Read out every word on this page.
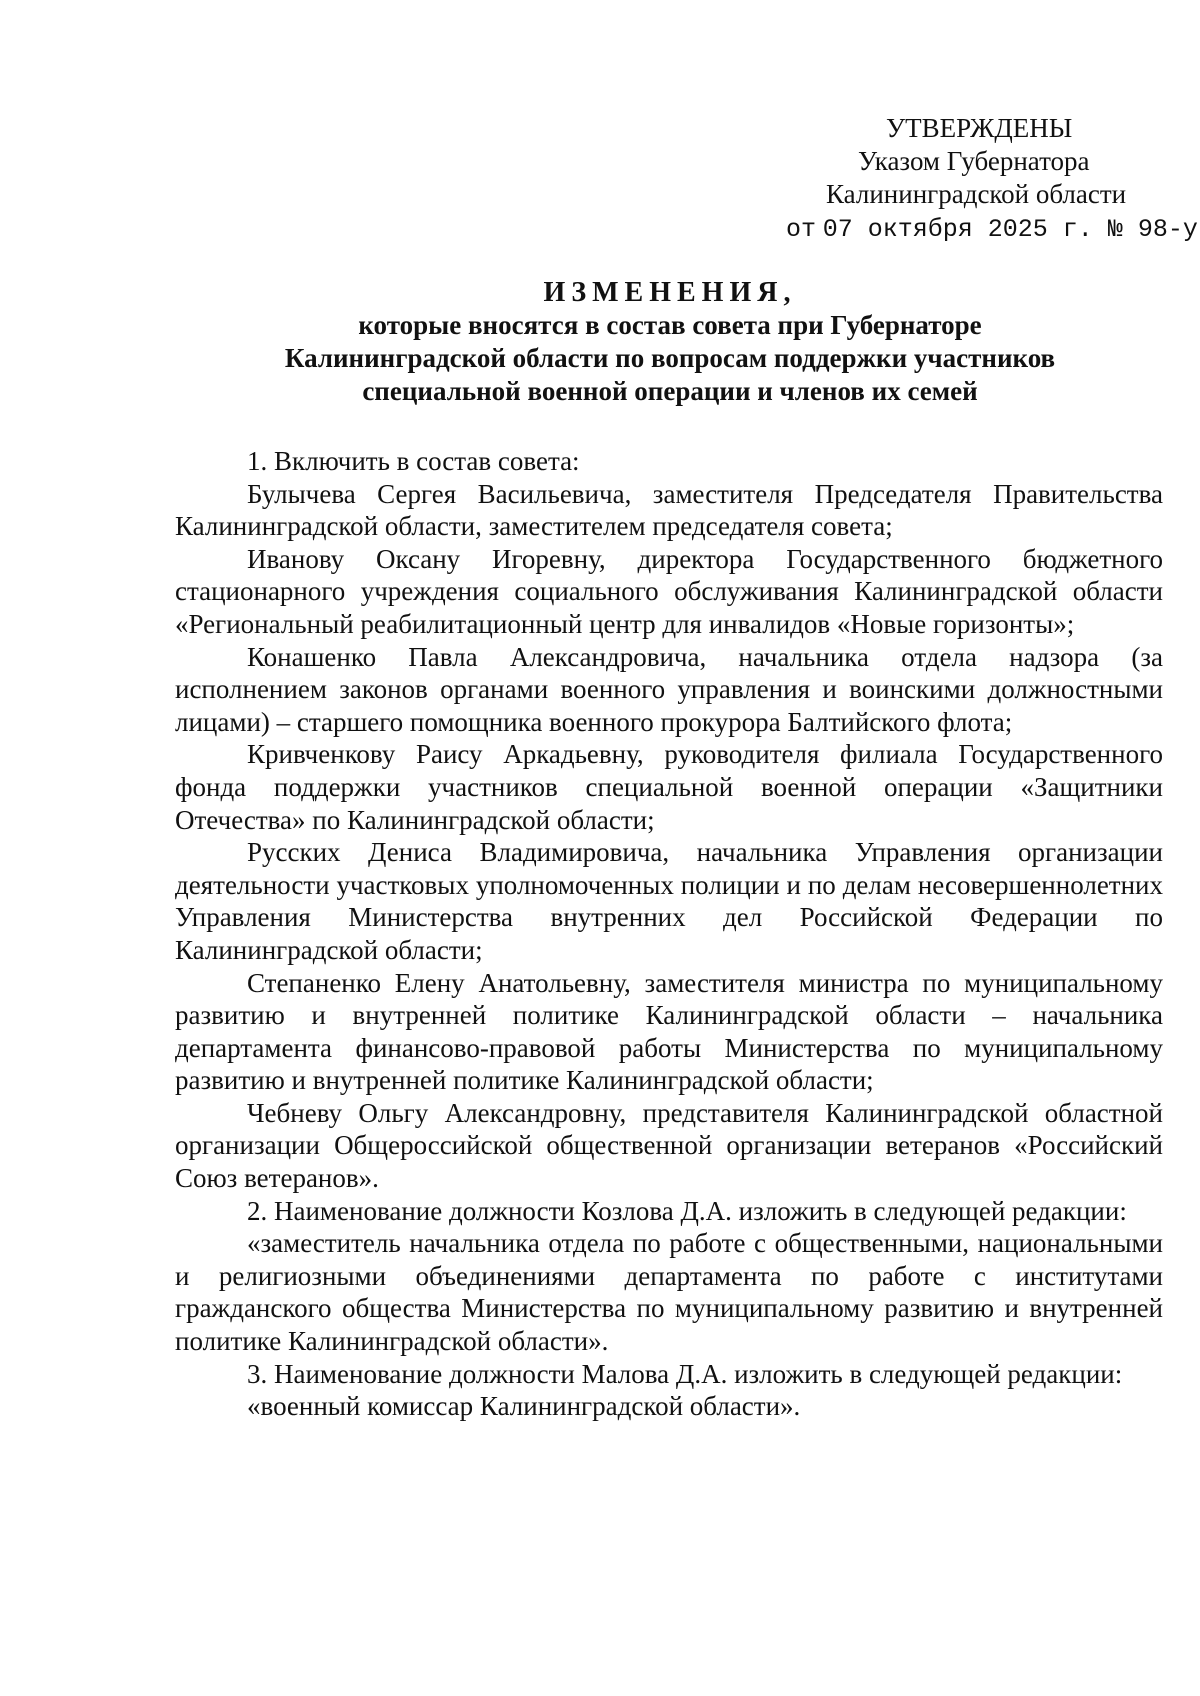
УТВЕРЖДЕНЫ
Указом Губернатора
Калининградской области
от 07 октября 2025 г. № 98-у
ИЗМЕНЕНИЯ,
которые вносятся в состав совета при Губернаторе
Калининградской области по вопросам поддержки участников
специальной военной операции и членов их семей

1. Включить в состав совета:

Булычева Сергея Васильевича, заместителя Председателя Правительства Калининградской области, заместителем председателя совета;

Иванову Оксану Игоревну, директора Государственного бюджетного стационарного учреждения социального обслуживания Калининградской области «Региональный реабилитационный центр для инвалидов «Новые горизонты»;

Конашенко Павла Александровича, начальника отдела надзора (за исполнением законов органами военного управления и воинскими должностными лицами) – старшего помощника военного прокурора Балтийского флота;

Кривченкову Раису Аркадьевну, руководителя филиала Государственного фонда поддержки участников специальной военной операции «Защитники Отечества» по Калининградской области;

Русских Дениса Владимировича, начальника Управления организации деятельности участковых уполномоченных полиции и по делам несовершеннолетних Управления Министерства внутренних дел Российской Федерации по Калининградской области;

Степаненко Елену Анатольевну, заместителя министра по муниципальному развитию и внутренней политике Калининградской области – начальника департамента финансово-правовой работы Министерства по муниципальному развитию и внутренней политике Калининградской области;

Чебневу Ольгу Александровну, представителя Калининградской областной организации Общероссийской общественной организации ветеранов «Российский Союз ветеранов».

2. Наименование должности Козлова Д.А. изложить в следующей редакции:

«заместитель начальника отдела по работе с общественными, национальными и религиозными объединениями департамента по работе с институтами гражданского общества Министерства по муниципальному развитию и внутренней политике Калининградской области».

3. Наименование должности Малова Д.А. изложить в следующей редакции:

«военный комиссар Калининградской области».
